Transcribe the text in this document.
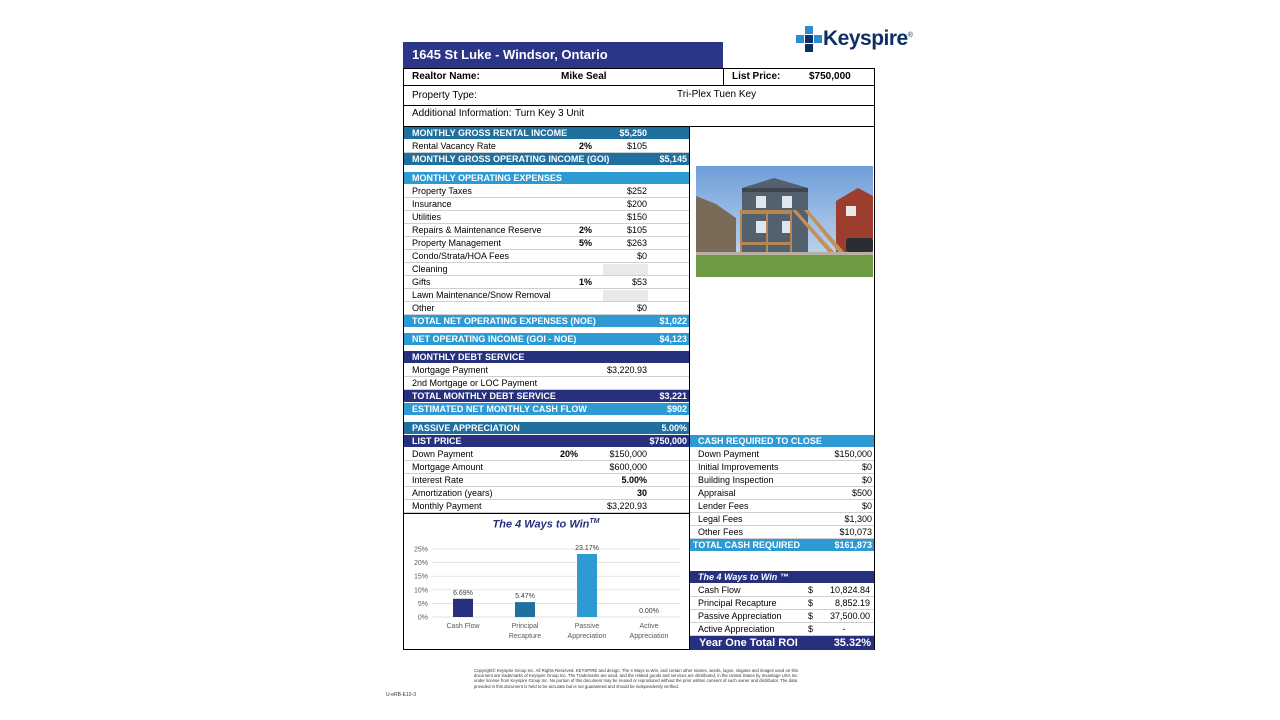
Keyspire®
1645 St Luke - Windsor, Ontario
Realtor Name:	Mike Seal	List Price:	$750,000
Property Type:	Tri-Plex Tuen Key
Additional Information: Turn Key 3 Unit
MONTHLY GROSS RENTAL INCOME	$5,250
Rental Vacancy Rate	2%	$105
MONTHLY GROSS OPERATING INCOME (GOI)	$5,145
MONTHLY OPERATING EXPENSES
Property Taxes	$252
Insurance	$200
Utilities	$150
Repairs & Maintenance Reserve	2%	$105
Property Management	5%	$263
Condo/Strata/HOA Fees	$0
Cleaning
Gifts	1%	$53
Lawn Maintenance/Snow Removal
Other	$0
TOTAL NET OPERATING EXPENSES (NOE)	$1,022
NET OPERATING INCOME (GOI - NOE)	$4,123
MONTHLY DEBT SERVICE
Mortgage Payment	$3,220.93
2nd Mortgage or LOC Payment
TOTAL MONTHLY DEBT SERVICE	$3,221
ESTIMATED NET MONTHLY CASH FLOW	$902
PASSIVE APPRECIATION	5.00%
LIST PRICE	$750,000
Down Payment	20%	$150,000
Mortgage Amount	$600,000
Interest Rate	5.00%
Amortization (years)	30
Monthly Payment	$3,220.93
CASH REQUIRED TO CLOSE
Down Payment	$150,000
Initial Improvements	$0
Building Inspection	$0
Appraisal	$500
Lender Fees	$0
Legal Fees	$1,300
Other Fees	$10,073
TOTAL CASH REQUIRED	$161,873
The 4 Ways to Win ™
Cash Flow	$	10,824.84
Principal Recapture	$	8,852.19
Passive Appreciation	$	37,500.00
Active Appreciation	$	-
Year One Total ROI	35.32%
The 4 Ways to Win™
0%
5%
10%
15%
20%
25%
6.69%
Cash Flow
5.47%
Principal
Recapture
23.17%
Passive
Appreciation
0.00%
Active
Appreciation
Copyright© Keyspire Group Inc. All Rights Reserved. KEYSPIRE and design, The 4 Ways to Win, and certain other names, words, logos, slogans and images used on this document are trademarks of Keyspire Group Inc. The Trademarks are used, and the related goods and services are distributed, in the United States by Invantage USA Inc. under license from Keyspire Group Inc. No portion of this document may be reused or reproduced without the prior written consent of such owner and distributor. The data provided in this document is held to be accurate but is not guaranteed and should be independently verified.
U-eRB-E10-3
